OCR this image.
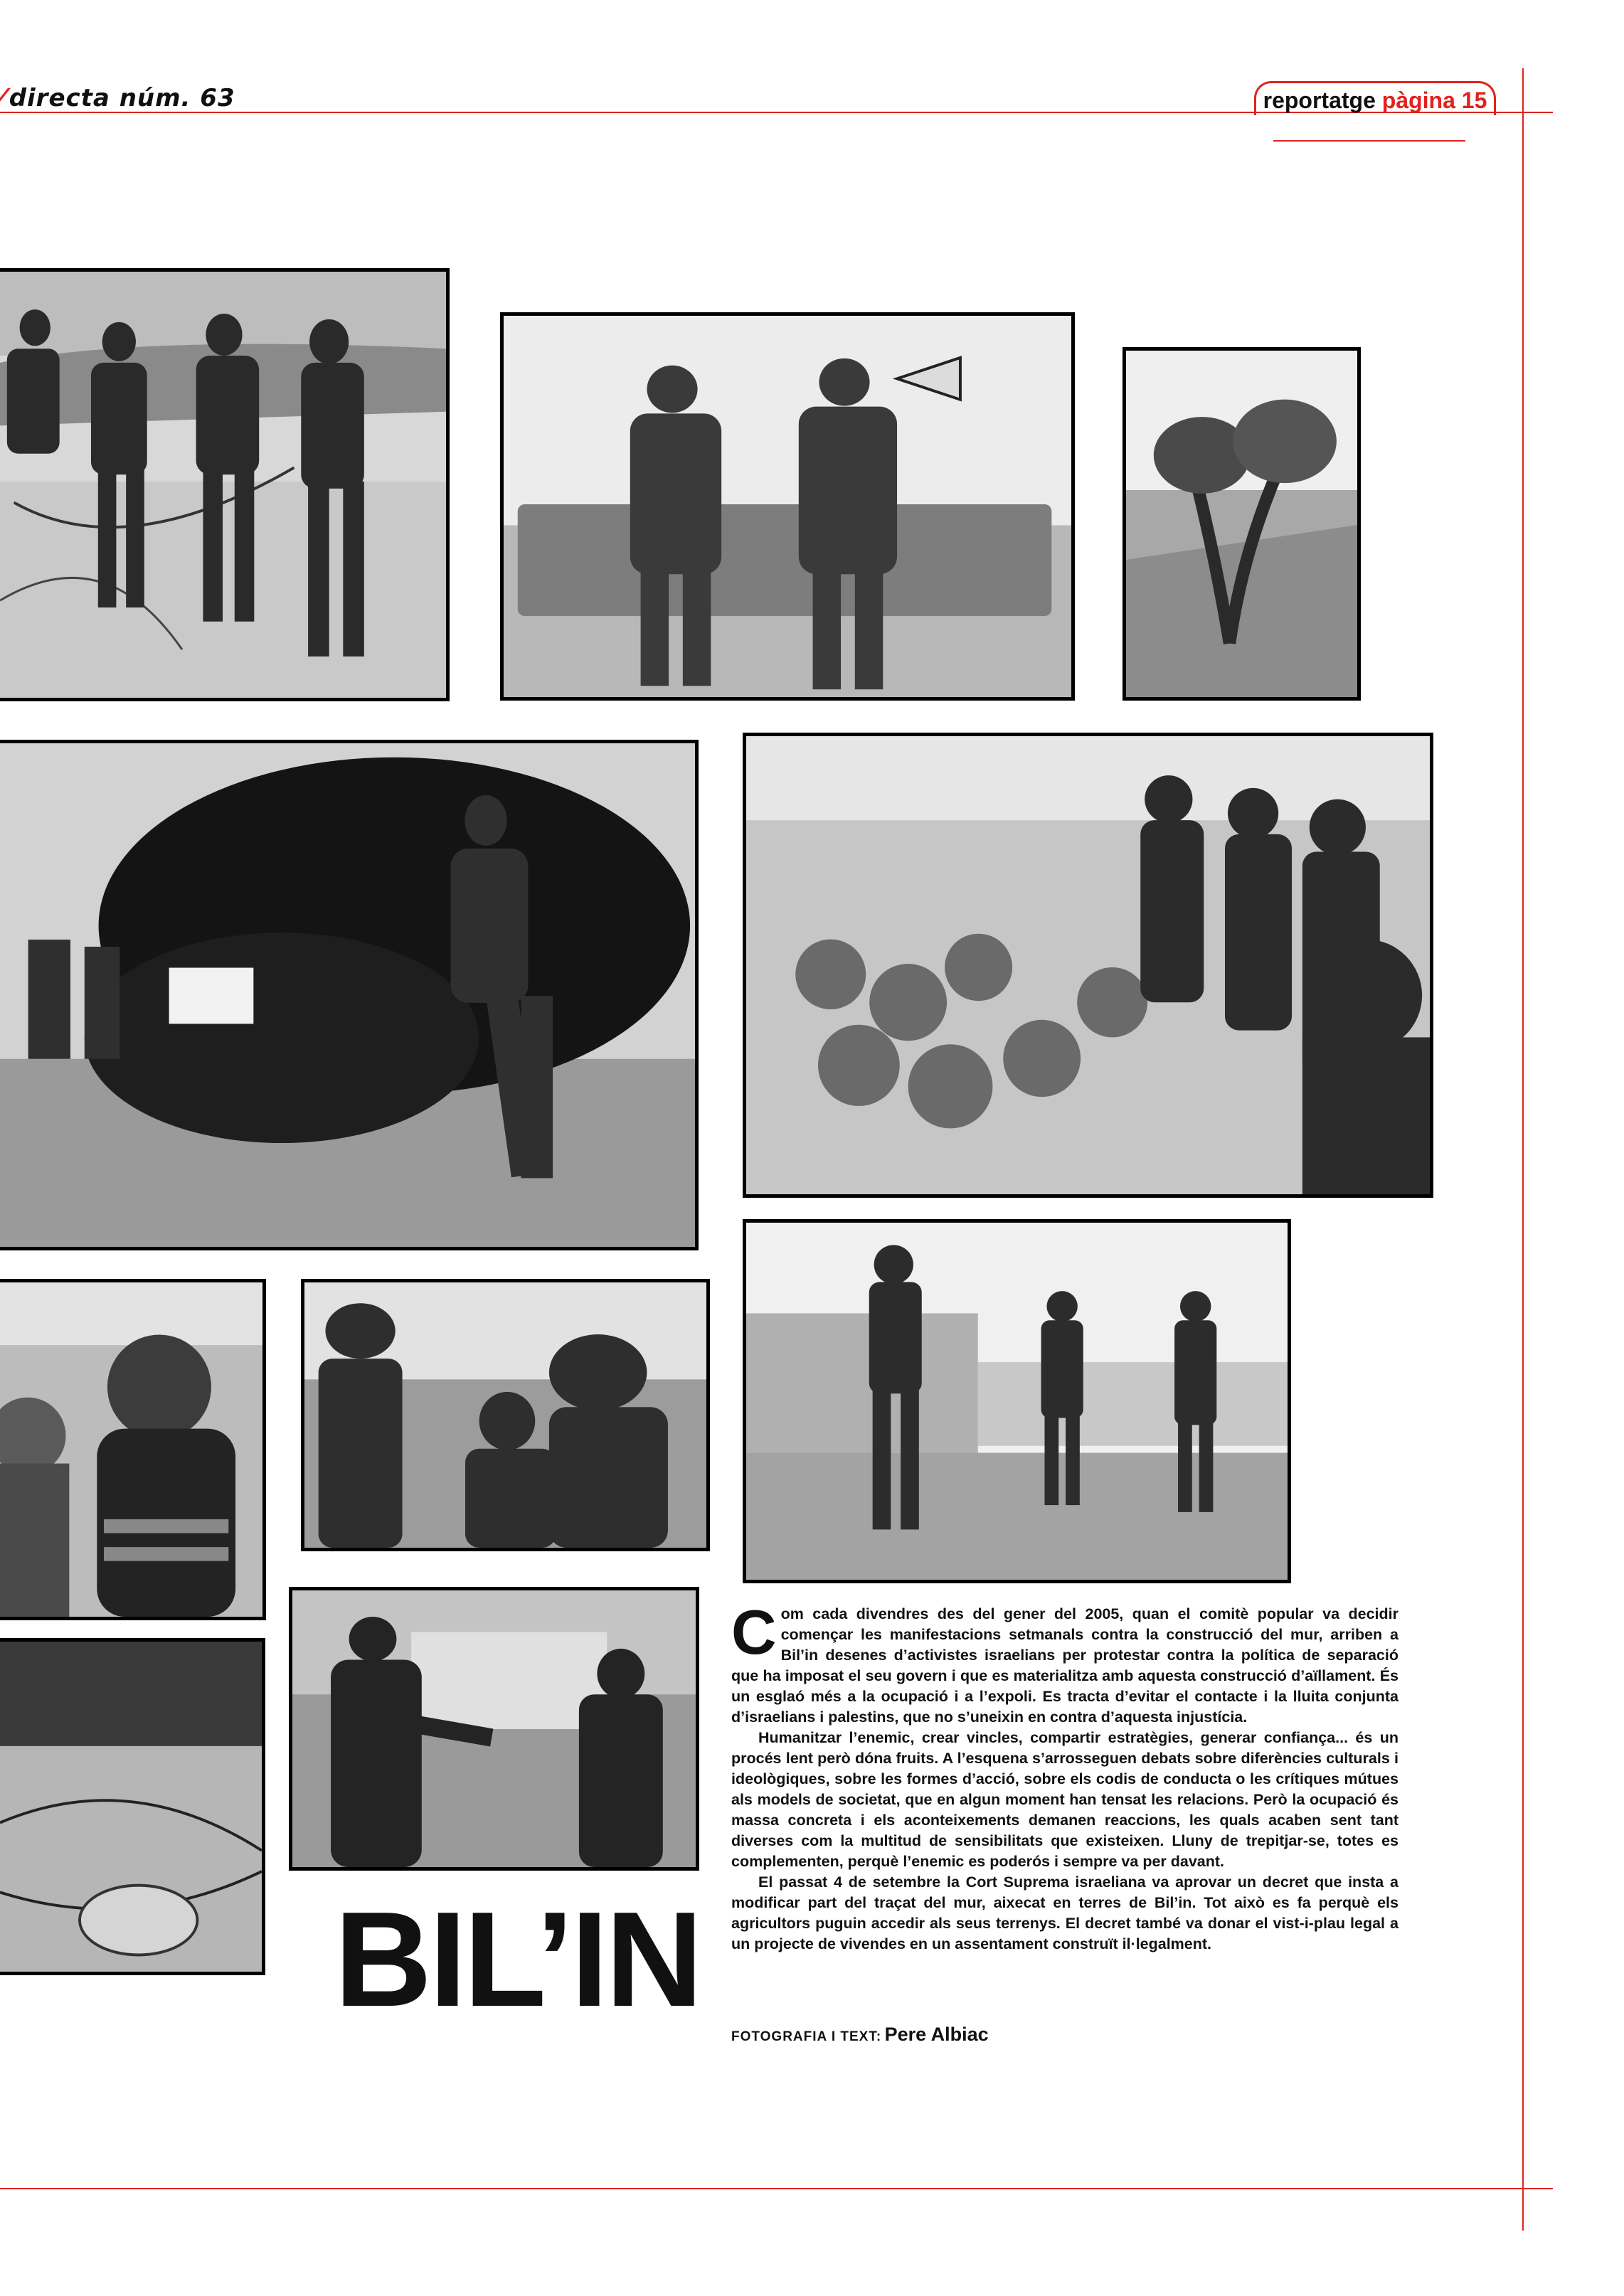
⁄ directa núm. 63	reportatge pàgina 15
BIL’IN

Com cada divendres des del gener del 2005, quan el comitè popular va decidir començar les manifestacions setmanals contra la construcció del mur, arriben a Bil’in desenes d’activistes israelians per protestar contra la política de separació que ha imposat el seu govern i que es materialitza amb aquesta construcció d’aïllament. És un esglaó més a la ocupació i a l’expoli. Es tracta d’evitar el contacte i la lluita conjunta d’israelians i palestins, que no s’uneixin en contra d’aquesta injustícia.

Humanitzar l’enemic, crear vincles, compartir estratègies, generar confiança... és un procés lent però dóna fruits. A l’esquena s’arrosseguen debats sobre diferències culturals i ideològiques, sobre les formes d’acció, sobre els codis de conducta o les crítiques mútues als models de societat, que en algun moment han tensat les relacions. Però la ocupació és massa concreta i els aconteixements demanen reaccions, les quals acaben sent tant diverses com la multitud de sensibilitats que existeixen. Lluny de trepitjar-se, totes es complementen, perquè l’enemic es poderós i sempre va per davant.

El passat 4 de setembre la Cort Suprema israeliana va aprovar un decret que insta a modificar part del traçat del mur, aixecat en terres de Bil’in. Tot això es fa perquè els agricultors puguin accedir als seus terrenys. El decret també va donar el vist-i-plau legal a un projecte de vivendes en un assentament construït il·legalment.

FOTOGRAFIA I TEXT: Pere Albiac
